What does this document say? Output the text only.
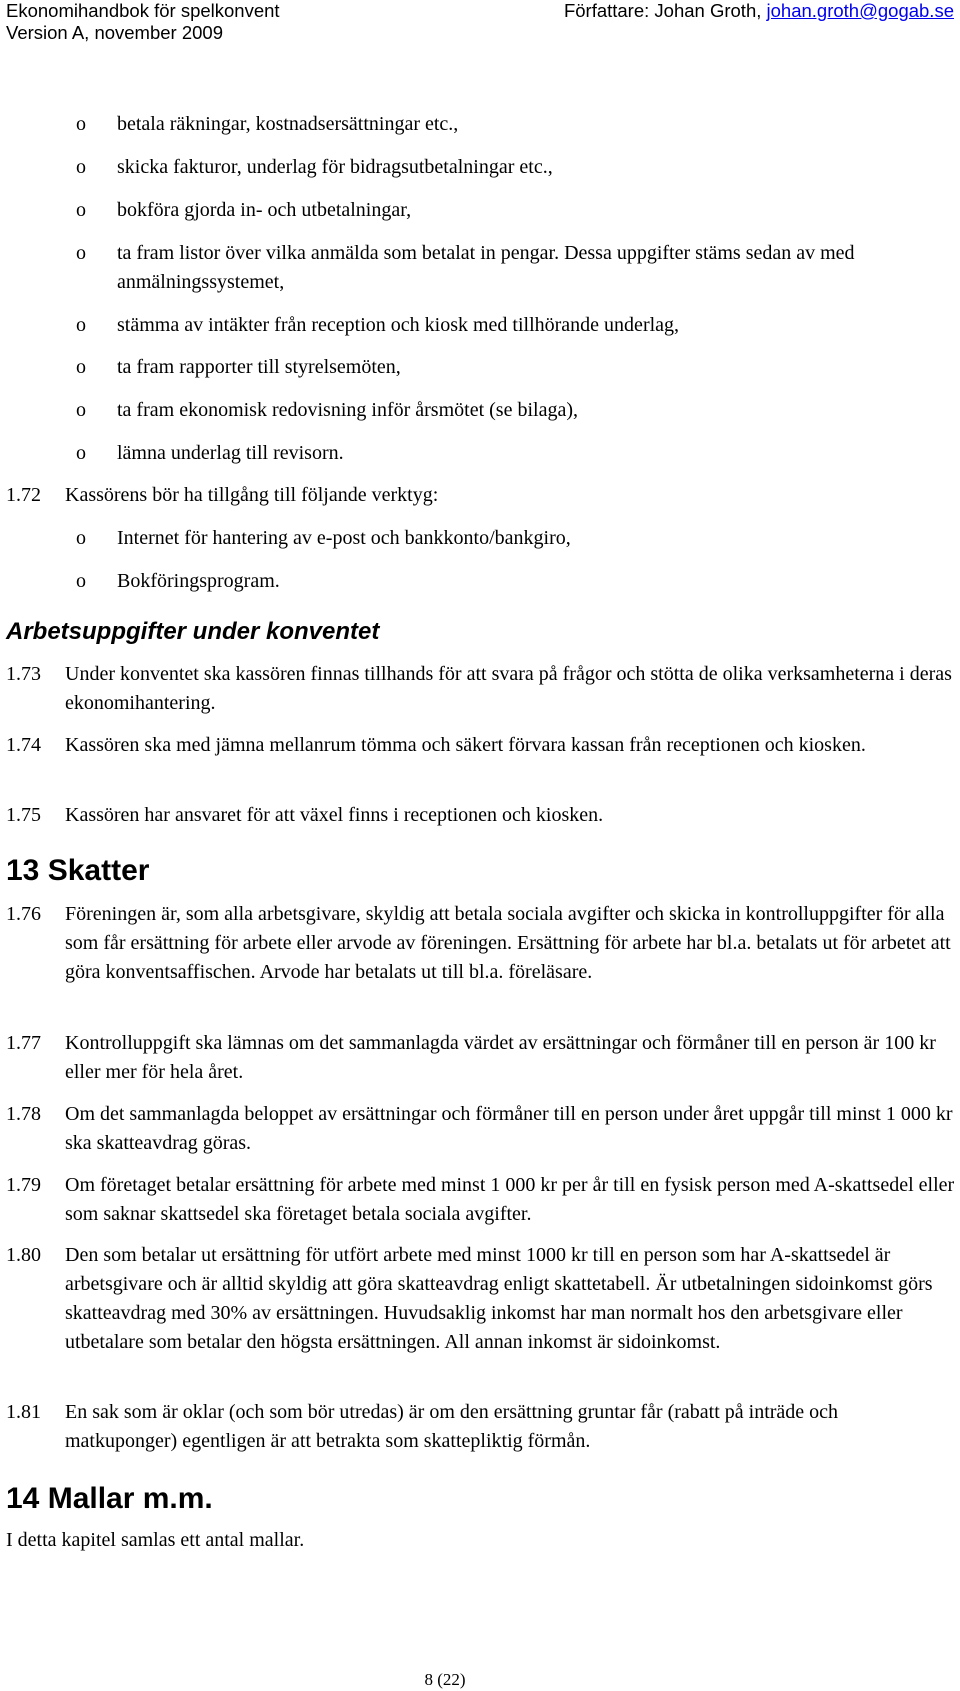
Ekonomihandbok för spelkonvent
Version A, november 2009
Författare: Johan Groth, johan.groth@gogab.se
o betala räkningar, kostnadsersättningar etc.,
o skicka fakturor, underlag för bidragsutbetalningar etc.,
o bokföra gjorda in- och utbetalningar,
o ta fram listor över vilka anmälda som betalat in pengar. Dessa uppgifter stäms sedan av med anmälningssystemet,
o stämma av intäkter från reception och kiosk med tillhörande underlag,
o ta fram rapporter till styrelsemöten,
o ta fram ekonomisk redovisning inför årsmötet (se bilaga),
o lämna underlag till revisorn.
1.72 Kassörens bör ha tillgång till följande verktyg:
o Internet för hantering av e-post och bankkonto/bankgiro,
o Bokföringsprogram.
Arbetsuppgifter under konventet
1.73 Under konventet ska kassören finnas tillhands för att svara på frågor och stötta de olika verksamheterna i deras ekonomihantering.
1.74 Kassören ska med jämna mellanrum tömma och säkert förvara kassan från receptionen och kiosken.
1.75 Kassören har ansvaret för att växel finns i receptionen och kiosken.
13 Skatter
1.76 Föreningen är, som alla arbetsgivare, skyldig att betala sociala avgifter och skicka in kontrolluppgifter för alla som får ersättning för arbete eller arvode av föreningen. Ersättning för arbete har bl.a. betalats ut för arbetet att göra konventsaffischen. Arvode har betalats ut till bl.a. föreläsare.
1.77 Kontrolluppgift ska lämnas om det sammanlagda värdet av ersättningar och förmåner till en person är 100 kr eller mer för hela året.
1.78 Om det sammanlagda beloppet av ersättningar och förmåner till en person under året uppgår till minst 1 000 kr ska skatteavdrag göras.
1.79 Om företaget betalar ersättning för arbete med minst 1 000 kr per år till en fysisk person med A-skattsedel eller som saknar skattsedel ska företaget betala sociala avgifter.
1.80 Den som betalar ut ersättning för utfört arbete med minst 1000 kr till en person som har A-skattsedel är arbetsgivare och är alltid skyldig att göra skatteavdrag enligt skattetabell. Är utbetalningen sidoinkomst görs skatteavdrag med 30% av ersättningen. Huvudsaklig inkomst har man normalt hos den arbetsgivare eller utbetalare som betalar den högsta ersättningen. All annan inkomst är sidoinkomst.
1.81 En sak som är oklar (och som bör utredas) är om den ersättning gruntar får (rabatt på inträde och matkuponger) egentligen är att betrakta som skattepliktig förmån.
14 Mallar m.m.
I detta kapitel samlas ett antal mallar.
8 (22)
